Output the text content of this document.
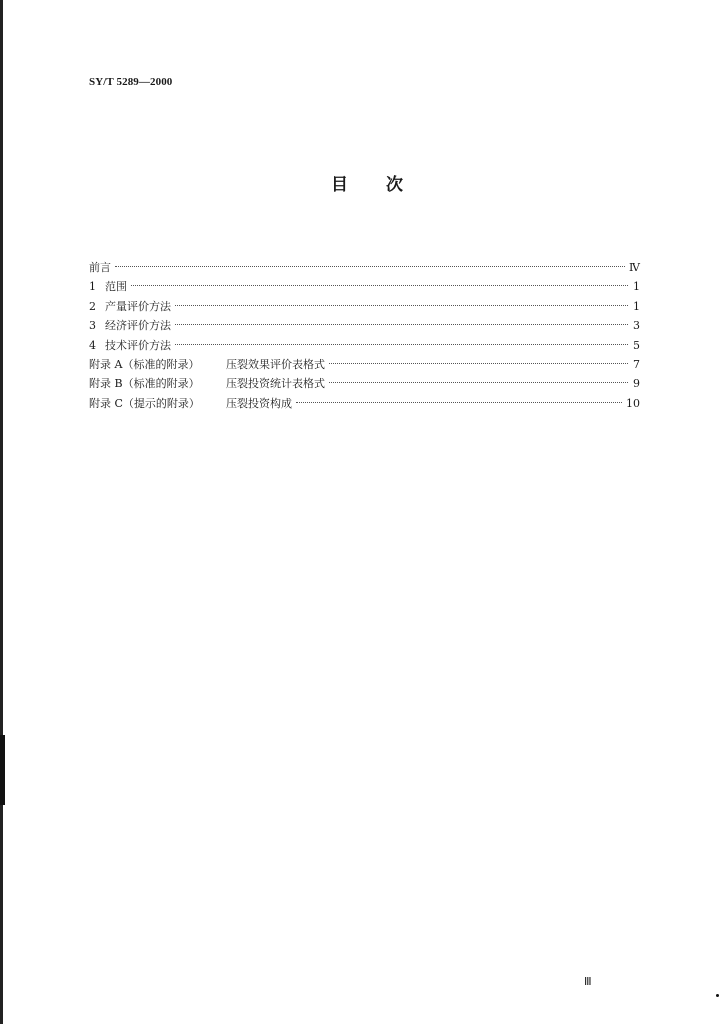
SY/T 5289—2000
目 次
前言	Ⅳ
1 范围	1
2 产量评价方法	1
3 经济评价方法	3
4 技术评价方法	5
附录 A（标准的附录）	压裂效果评价表格式	7
附录 B（标准的附录）	压裂投资统计表格式	9
附录 C（提示的附录）	压裂投资构成	10
Ⅲ
